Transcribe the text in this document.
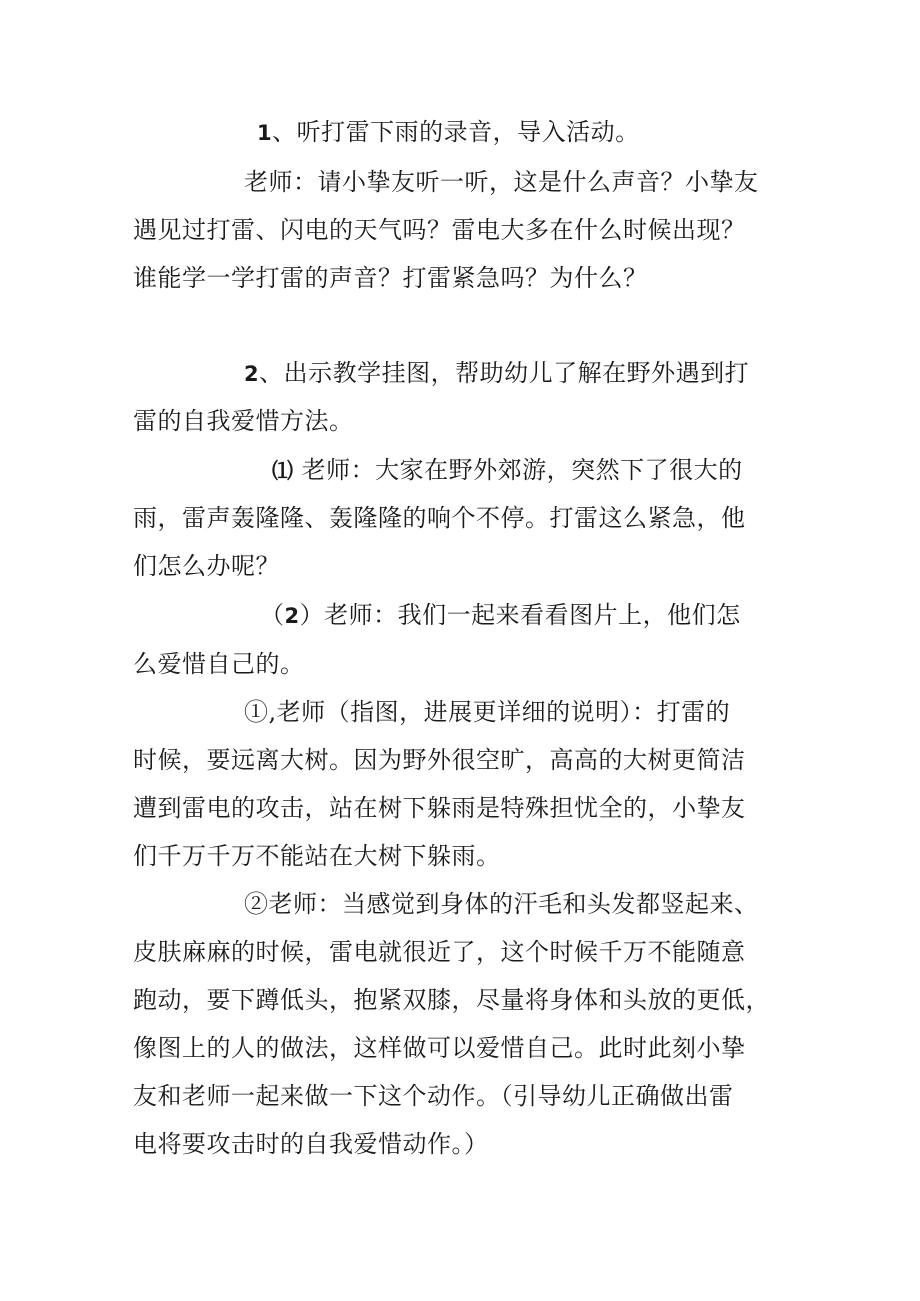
1、听打雷下雨的录音，导入活动。
老师：请小挚友听一听，这是什么声音？小挚友
遇见过打雷、闪电的天气吗？雷电大多在什么时候出现？
谁能学一学打雷的声音？打雷紧急吗？为什么？
2、出示教学挂图，帮助幼儿了解在野外遇到打
雷的自我爱惜方法。
⑴ 老师：大家在野外郊游，突然下了很大的
雨，雷声轰隆隆、轰隆隆的响个不停。打雷这么紧急，他
们怎么办呢？
（2）老师：我们一起来看看图片上，他们怎
么爱惜自己的。
①,老师（指图，进展更详细的说明）：打雷的
时候，要远离大树。因为野外很空旷，高高的大树更简洁
遭到雷电的攻击，站在树下躲雨是特殊担忧全的，小挚友
们千万千万不能站在大树下躲雨。
②老师：当感觉到身体的汗毛和头发都竖起来、
皮肤麻麻的时候，雷电就很近了，这个时候千万不能随意
跑动，要下蹲低头，抱紧双膝，尽量将身体和头放的更低，
像图上的人的做法，这样做可以爱惜自己。此时此刻小挚
友和老师一起来做一下这个动作。（引导幼儿正确做出雷
电将要攻击时的自我爱惜动作。）
